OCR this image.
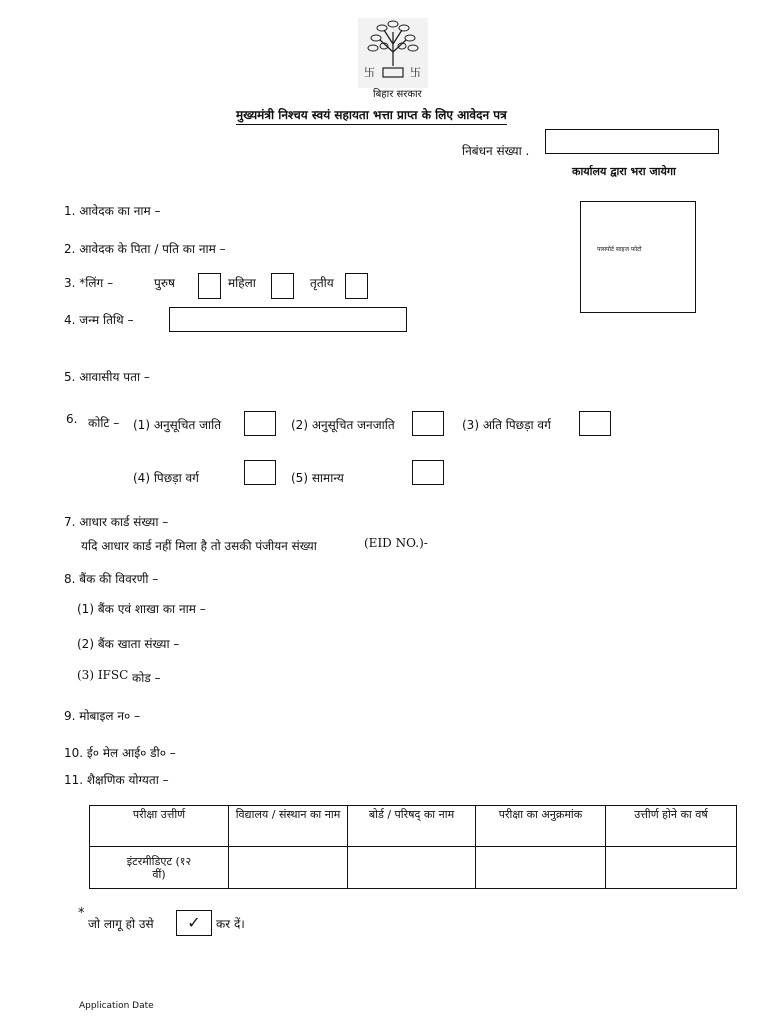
卐	卐
बिहार सरकार
मुख्यमंत्री निश्चय स्वयं सहायता भत्ता प्राप्त के लिए आवेदन पत्र
निबंधन संख्या .
कार्यालय द्वारा भरा जायेगा
पासपोर्ट साइज फोटो
1. आवेदक का नाम –
2. आवेदक के पिता / पति का नाम –
3. *लिंग –	पुरुष	महिला	तृतीय
4. जन्म तिथि –
5. आवासीय पता –
6. कोटि – (1) अनुसूचित जाति	(2) अनुसूचित जनजाति	(3) अति पिछड़ा वर्ग
(4) पिछड़ा वर्ग	(5) सामान्य
7. आधार कार्ड संख्या –
यदि आधार कार्ड नहीं मिला है तो उसकी पंजीयन संख्या	(EID NO.)-
8. बैंक की विवरणी –
(1) बैंक एवं शाखा का नाम –
(2) बैंक खाता संख्या –
(3) IFSC कोड –
9. मोबाइल न० –
10. ई० मेल आई० डी० –
11. शैक्षणिक योग्यता –
परीक्षा उत्तीर्ण	विद्यालय / संस्थान का नाम	बोर्ड / परिषद् का नाम	परीक्षा का अनुक्रमांक	उत्तीर्ण होने का वर्ष
इंटरमीडिएट (१२ वीं)				
*
जो लागू हो उसे	✓	कर दें।
Application Date
